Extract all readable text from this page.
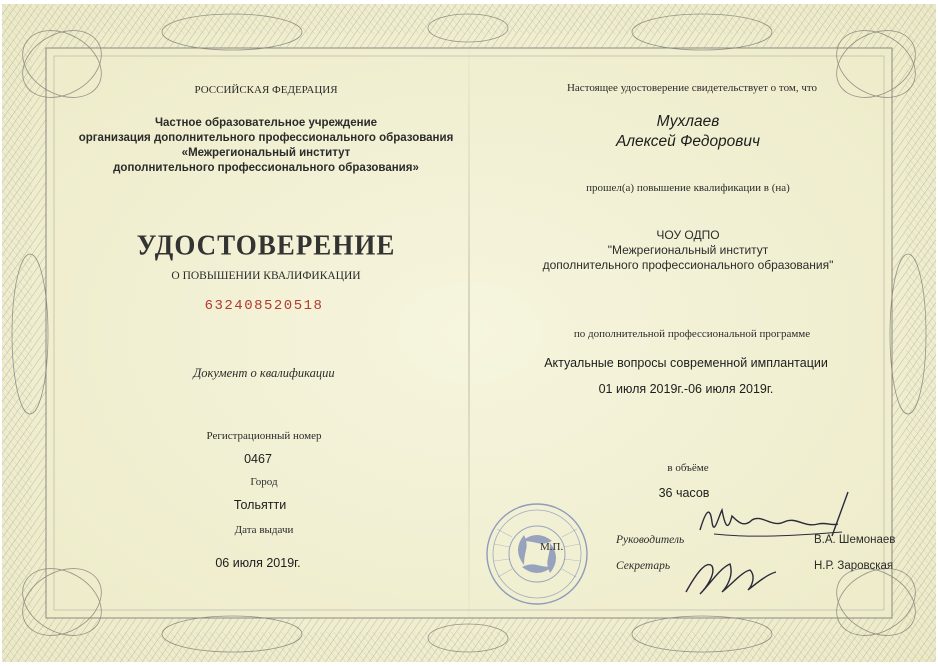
РОССИЙСКАЯ ФЕДЕРАЦИЯ
Частное образовательное учреждение
организация дополнительного профессионального образования
«Межрегиональный институт
дополнительного профессионального образования»
УДОСТОВЕРЕНИЕ
О ПОВЫШЕНИИ КВАЛИФИКАЦИИ
632408520518
Документ о квалификации
Регистрационный номер
0467
Город
Тольятти
Дата выдачи
06 июля 2019г.
Настоящее удостоверение свидетельствует о том, что
Мухлаев
Алексей Федорович
прошел(а) повышение квалификации в (на)
ЧОУ ОДПО
"Межрегиональный институт
дополнительного профессионального образования"
по дополнительной профессиональной программе
Актуальные вопросы современной имплантации
01 июля 2019г.-06 июля 2019г.
в объёме
36 часов
М.П.
Руководитель	В.А. Шемонаев
Секретарь	Н.Р. Заровская
